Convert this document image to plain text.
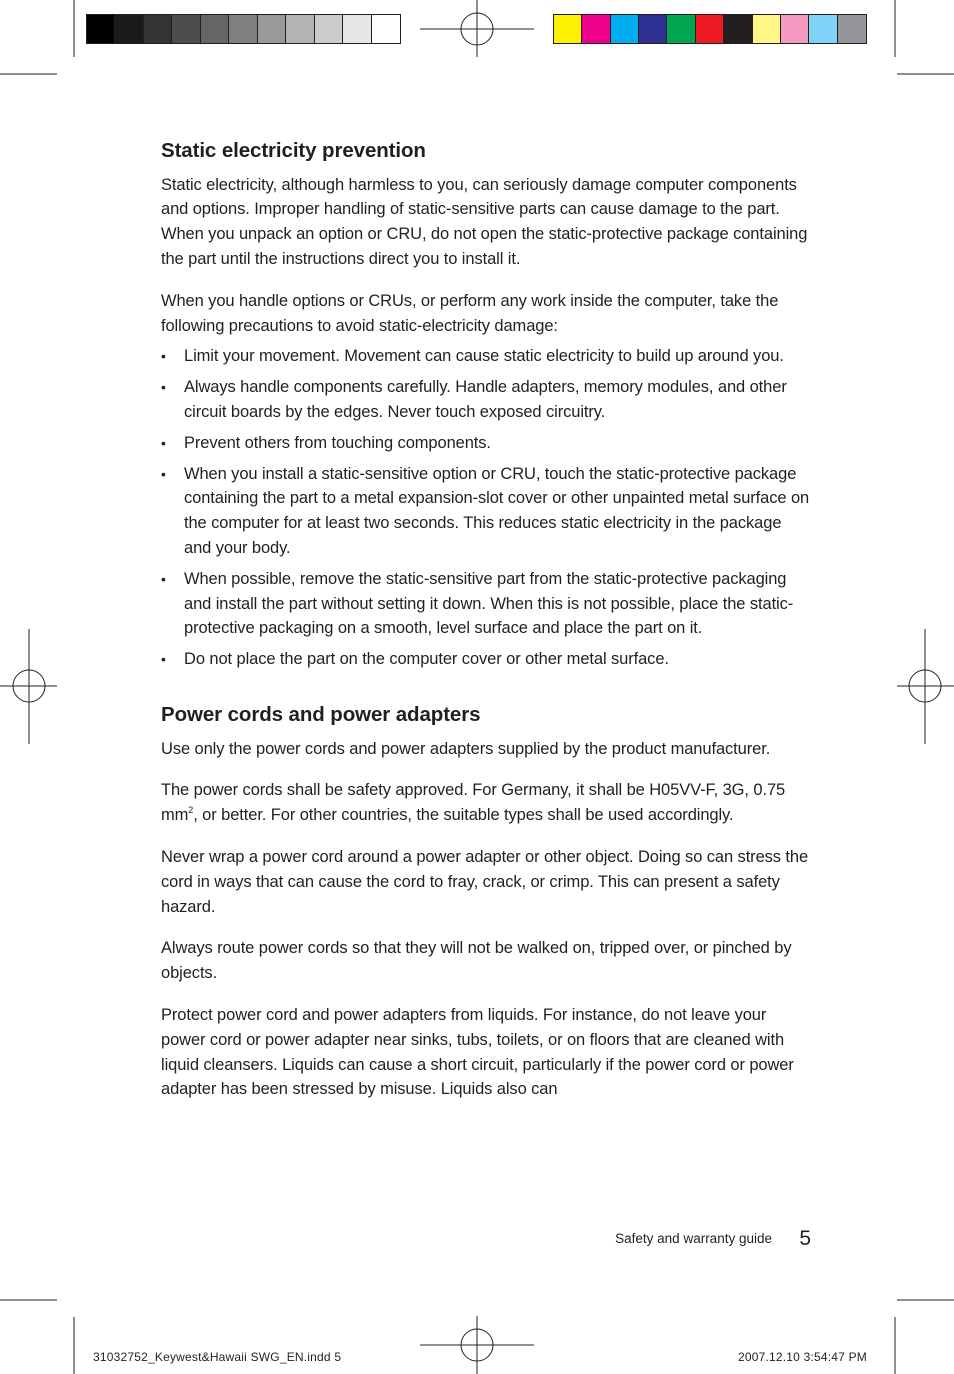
Static electricity prevention

Static electricity, although harmless to you, can seriously damage computer components and options. Improper handling of static-sensitive parts can cause damage to the part. When you unpack an option or CRU, do not open the static-protective package containing the part until the instructions direct you to install it.

When you handle options or CRUs, or perform any work inside the computer, take the following precautions to avoid static-electricity damage:

• Limit your movement. Movement can cause static electricity to build up around you.
• Always handle components carefully. Handle adapters, memory modules, and other circuit boards by the edges. Never touch exposed circuitry.
• Prevent others from touching components.
• When you install a static-sensitive option or CRU, touch the static-protective package containing the part to a metal expansion-slot cover or other unpainted metal surface on the computer for at least two seconds. This reduces static electricity in the package and your body.
• When possible, remove the static-sensitive part from the static-protective packaging and install the part without setting it down. When this is not possible, place the static-protective packaging on a smooth, level surface and place the part on it.
• Do not place the part on the computer cover or other metal surface.
Power cords and power adapters

Use only the power cords and power adapters supplied by the product manufacturer.

The power cords shall be safety approved. For Germany, it shall be H05VV-F, 3G, 0.75 $mm^2$, or better. For other countries, the suitable types shall be used accordingly.

Never wrap a power cord around a power adapter or other object. Doing so can stress the cord in ways that can cause the cord to fray, crack, or crimp. This can present a safety hazard.

Always route power cords so that they will not be walked on, tripped over, or pinched by objects.

Protect power cord and power adapters from liquids. For instance, do not leave your power cord or power adapter near sinks, tubs, toilets, or on floors that are cleaned with liquid cleansers. Liquids can cause a short circuit, particularly if the power cord or power adapter has been stressed by misuse. Liquids also can

Safety and warranty guide 5
31032752_Keywest&Hawaii SWG_EN.indd 5	2007.12.10 3:54:47 PM
